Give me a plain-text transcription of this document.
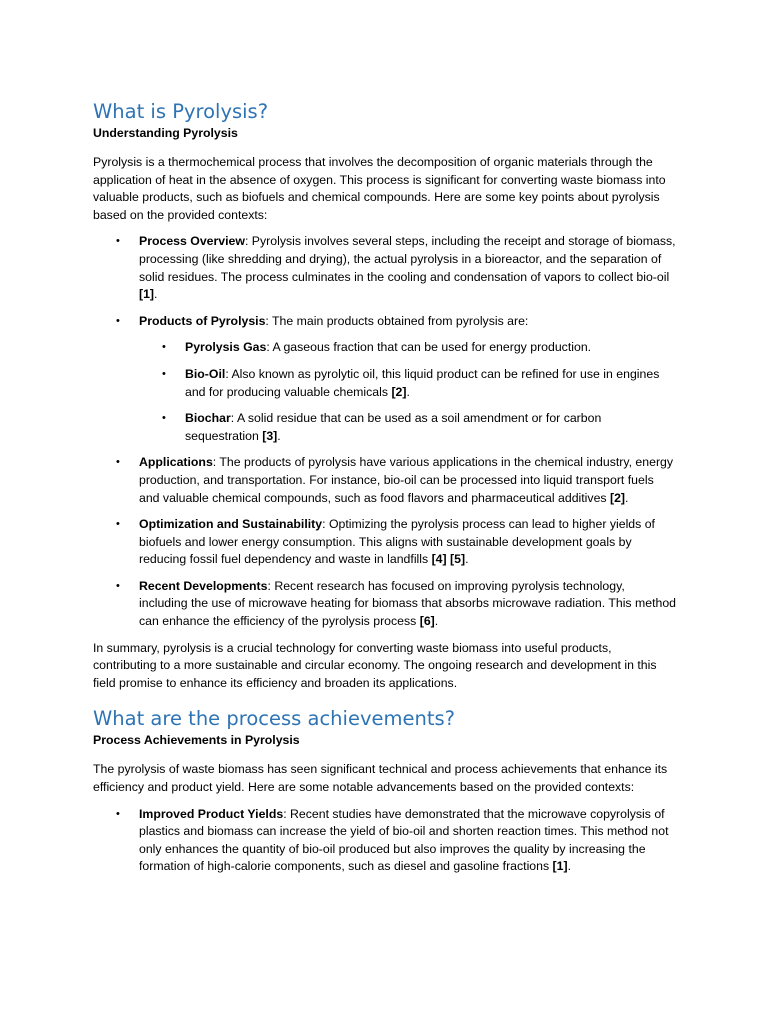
What is Pyrolysis?
Understanding Pyrolysis

Pyrolysis is a thermochemical process that involves the decomposition of organic materials through the application of heat in the absence of oxygen. This process is significant for converting waste biomass into valuable products, such as biofuels and chemical compounds. Here are some key points about pyrolysis based on the provided contexts:

• Process Overview: Pyrolysis involves several steps, including the receipt and storage of biomass, processing (like shredding and drying), the actual pyrolysis in a bioreactor, and the separation of solid residues. The process culminates in the cooling and condensation of vapors to collect bio-oil [1].
• Products of Pyrolysis: The main products obtained from pyrolysis are:
• Pyrolysis Gas: A gaseous fraction that can be used for energy production.
• Bio-Oil: Also known as pyrolytic oil, this liquid product can be refined for use in engines and for producing valuable chemicals [2].
• Biochar: A solid residue that can be used as a soil amendment or for carbon sequestration [3].
• Applications: The products of pyrolysis have various applications in the chemical industry, energy production, and transportation. For instance, bio-oil can be processed into liquid transport fuels and valuable chemical compounds, such as food flavors and pharmaceutical additives [2].
• Optimization and Sustainability: Optimizing the pyrolysis process can lead to higher yields of biofuels and lower energy consumption. This aligns with sustainable development goals by reducing fossil fuel dependency and waste in landfills [4] [5].
• Recent Developments: Recent research has focused on improving pyrolysis technology, including the use of microwave heating for biomass that absorbs microwave radiation. This method can enhance the efficiency of the pyrolysis process [6].

In summary, pyrolysis is a crucial technology for converting waste biomass into useful products, contributing to a more sustainable and circular economy. The ongoing research and development in this field promise to enhance its efficiency and broaden its applications.

What are the process achievements?
Process Achievements in Pyrolysis

The pyrolysis of waste biomass has seen significant technical and process achievements that enhance its efficiency and product yield. Here are some notable advancements based on the provided contexts:

• Improved Product Yields: Recent studies have demonstrated that the microwave copyrolysis of plastics and biomass can increase the yield of bio-oil and shorten reaction times. This method not only enhances the quantity of bio-oil produced but also improves the quality by increasing the formation of high-calorie components, such as diesel and gasoline fractions [1].
